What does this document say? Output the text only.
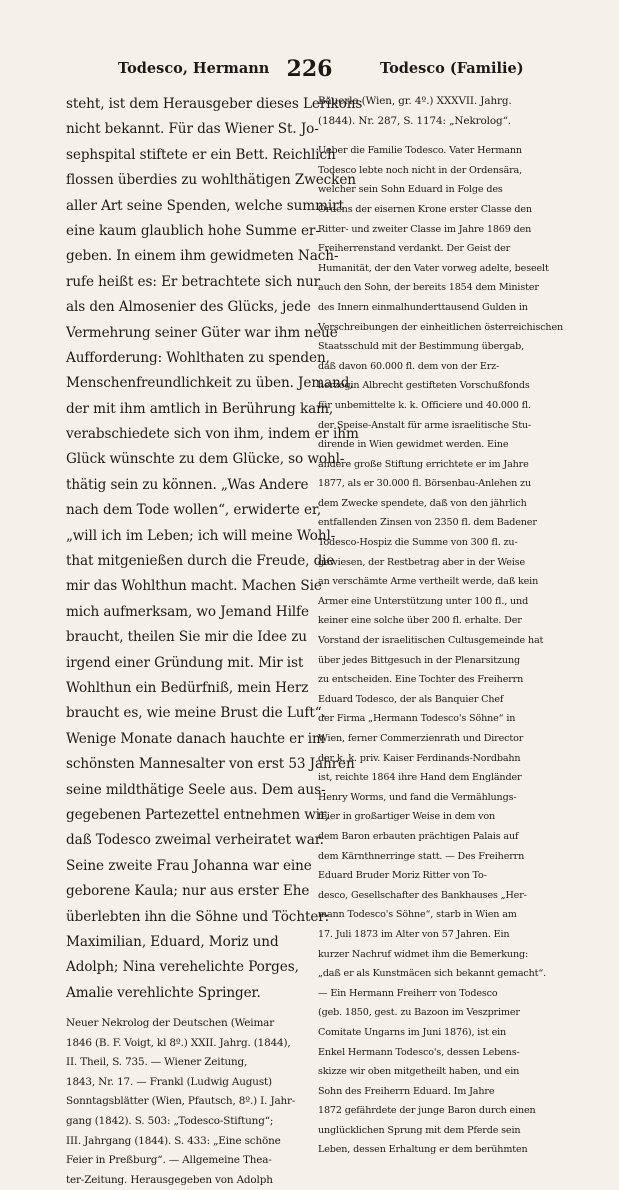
Todesco, Hermann 226	Todesco (Familie)
steht, ist dem Herausgeber dieses Lerikons
nicht bekannt. Für das Wiener St. Jo-
sephspital stiftete er ein Bett. Reichlich
flossen überdies zu wohlthätigen Zwecken
aller Art seine Spenden, welche summirt
eine kaum glaublich hohe Summe er-
geben. In einem ihm gewidmeten Nach-
rufe heißt es: Er betrachtete sich nur
als den Almosenier des Glücks, jede
Vermehrung seiner Güter war ihm neue
Aufforderung: Wohlthaten zu spenden,
Menschenfreundlichkeit zu üben. Jemand,
der mit ihm amtlich in Berührung kam,
verabschiedete sich von ihm, indem er ihm
Glück wünschte zu dem Glücke, so wohl-
thätig sein zu können. „Was Andere
nach dem Tode wollen“, erwiderte er,
„will ich im Leben; ich will meine Wohl-
that mitgenießen durch die Freude, die
mir das Wohlthun macht. Machen Sie
mich aufmerksam, wo Jemand Hilfe
braucht, theilen Sie mir die Idee zu
irgend einer Gründung mit. Mir ist
Wohlthun ein Bedürfniß, mein Herz
braucht es, wie meine Brust die Luft“.
Wenige Monate danach hauchte er im
schönsten Mannesalter von erst 53 Jahren
seine mildthätige Seele aus. Dem aus-
gegebenen Partezettel entnehmen wir,
daß Todesco zweimal verheiratet war.
Seine zweite Frau Johanna war eine
geborene Kaula; nur aus erster Ehe
überlebten ihn die Söhne und Töchter:
Maximilian, Eduard, Moriz und
Adolph; Nina verehelichte Porges,
Amalie verehlichte Springer.
Neuer Nekrolog der Deutschen (Weimar
1846 (B. F. Voigt, kl 8º.) XXII. Jahrg. (1844),
II. Theil, S. 735. — Wiener Zeitung,
1843, Nr. 17. — Frankl (Ludwig August)
Sonntagsblätter (Wien, Pfautsch, 8º.) I. Jahr-
gang (1842). S. 503: „Todesco-Stiftung“;
III. Jahrgang (1844). S. 433: „Eine schöne
Feier in Preßburg“. — Allgemeine Thea-
ter-Zeitung. Herausgegeben von Adolph
Bäuerle (Wien, gr. 4º.) XXXVII. Jahrg.
(1844). Nr. 287, S. 1174: „Nekrolog“.
Ueber die Familie Todesco. Vater Hermann
Todesco lebte noch nicht in der Ordensära,
welcher sein Sohn Eduard in Folge des
Ordens der eisernen Krone erster Classe den
Ritter- und zweiter Classe im Jahre 1869 den
Freiherrenstand verdankt. Der Geist der
Humanität, der den Vater vorweg adelte, beseelt
auch den Sohn, der bereits 1854 dem Minister
des Innern einmalhunderttausend Gulden in
Verschreibungen der einheitlichen österreichischen
Staatsschuld mit der Bestimmung übergab,
daß davon 60.000 fl. dem von der Erz-
herzogin Albrecht gestifteten Vorschußfonds
für unbemittelte k. k. Officiere und 40.000 fl.
der Speise-Anstalt für arme israelitische Stu-
dirende in Wien gewidmet werden. Eine
andere große Stiftung errichtete er im Jahre
1877, als er 30.000 fl. Börsenbau-Anlehen zu
dem Zwecke spendete, daß von den jährlich
entfallenden Zinsen von 2350 fl. dem Badener
Todesco-Hospiz die Summe von 300 fl. zu-
gewiesen, der Restbetrag aber in der Weise
an verschämte Arme vertheilt werde, daß kein
Armer eine Unterstützung unter 100 fl., und
keiner eine solche über 200 fl. erhalte. Der
Vorstand der israelitischen Cultusgemeinde hat
über jedes Bittgesuch in der Plenarsitzung
zu entscheiden. Eine Tochter des Freiherrn
Eduard Todesco, der als Banquier Chef
der Firma „Hermann Todesco's Söhne“ in
Wien, ferner Commerzienrath und Director
der k. k. priv. Kaiser Ferdinands-Nordbahn
ist, reichte 1864 ihre Hand dem Engländer
Henry Worms, und fand die Vermählungs-
feier in großartiger Weise in dem von
dem Baron erbauten prächtigen Palais auf
dem Kärnthnerringe statt. — Des Freiherrn
Eduard Bruder Moriz Ritter von To-
desco, Gesellschafter des Bankhauses „Her-
mann Todesco's Söhne“, starb in Wien am
17. Juli 1873 im Alter von 57 Jahren. Ein
kurzer Nachruf widmet ihm die Bemerkung:
„daß er als Kunstmäcen sich bekannt gemacht“.
— Ein Hermann Freiherr von Todesco
(geb. 1850, gest. zu Bazoon im Veszprimer
Comitate Ungarns im Juni 1876), ist ein
Enkel Hermann Todesco's, dessen Lebens-
skizze wir oben mitgetheilt haben, und ein
Sohn des Freiherrn Eduard. Im Jahre
1872 gefährdete der junge Baron durch einen
unglücklichen Sprung mit dem Pferde sein
Leben, dessen Erhaltung er dem berühmten
